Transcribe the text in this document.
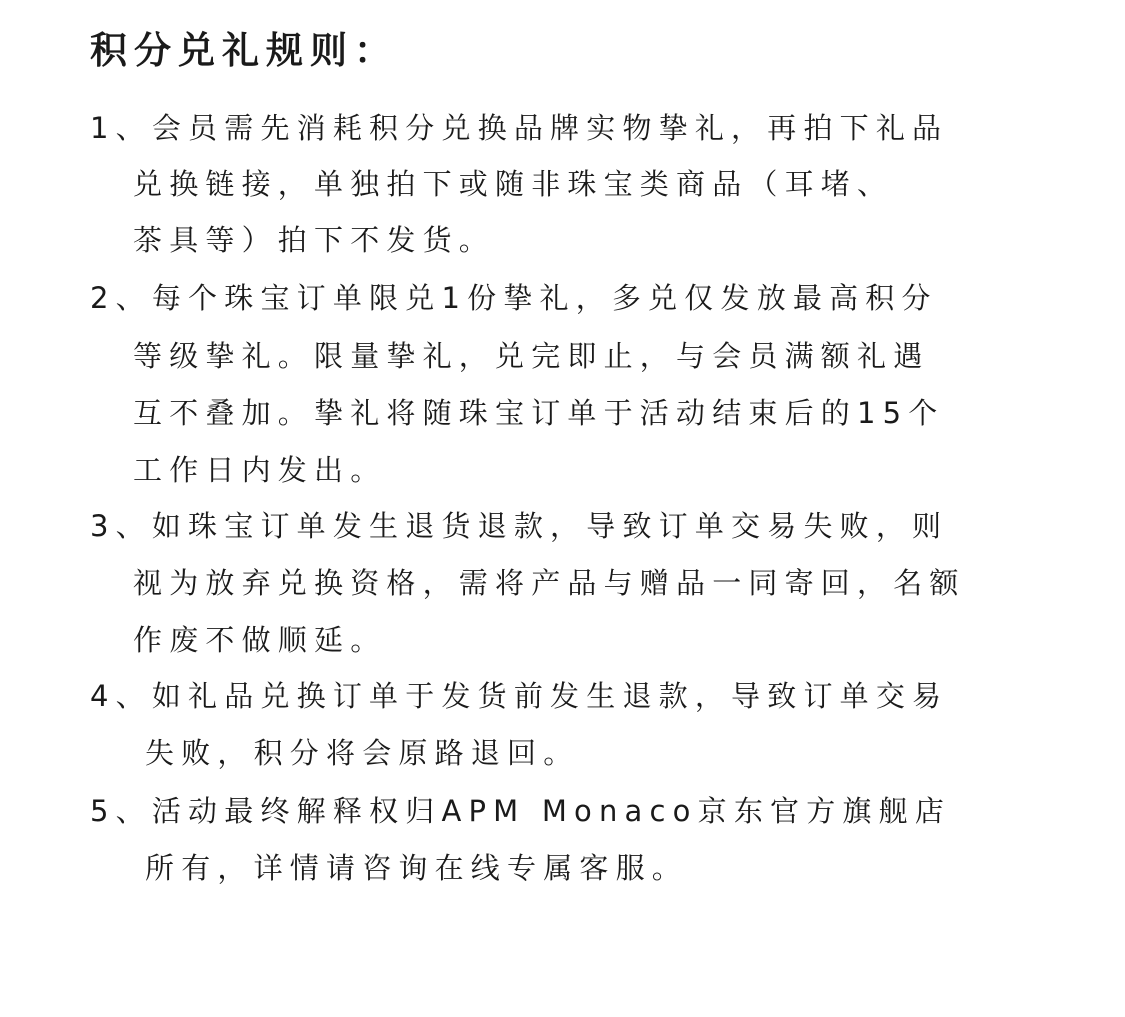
积分兑礼规则：
1、会员需先消耗积分兑换品牌实物挚礼，再拍下礼品
兑换链接，单独拍下或随非珠宝类商品（耳堵、
茶具等）拍下不发货。
2、每个珠宝订单限兑1份挚礼，多兑仅发放最高积分
等级挚礼。限量挚礼，兑完即止，与会员满额礼遇
互不叠加。挚礼将随珠宝订单于活动结束后的15个
工作日内发出。
3、如珠宝订单发生退货退款，导致订单交易失败，则
视为放弃兑换资格，需将产品与赠品一同寄回，名额
作废不做顺延。
4、如礼品兑换订单于发货前发生退款，导致订单交易
失败，积分将会原路退回。
5、活动最终解释权归APM Monaco京东官方旗舰店
所有，详情请咨询在线专属客服。
